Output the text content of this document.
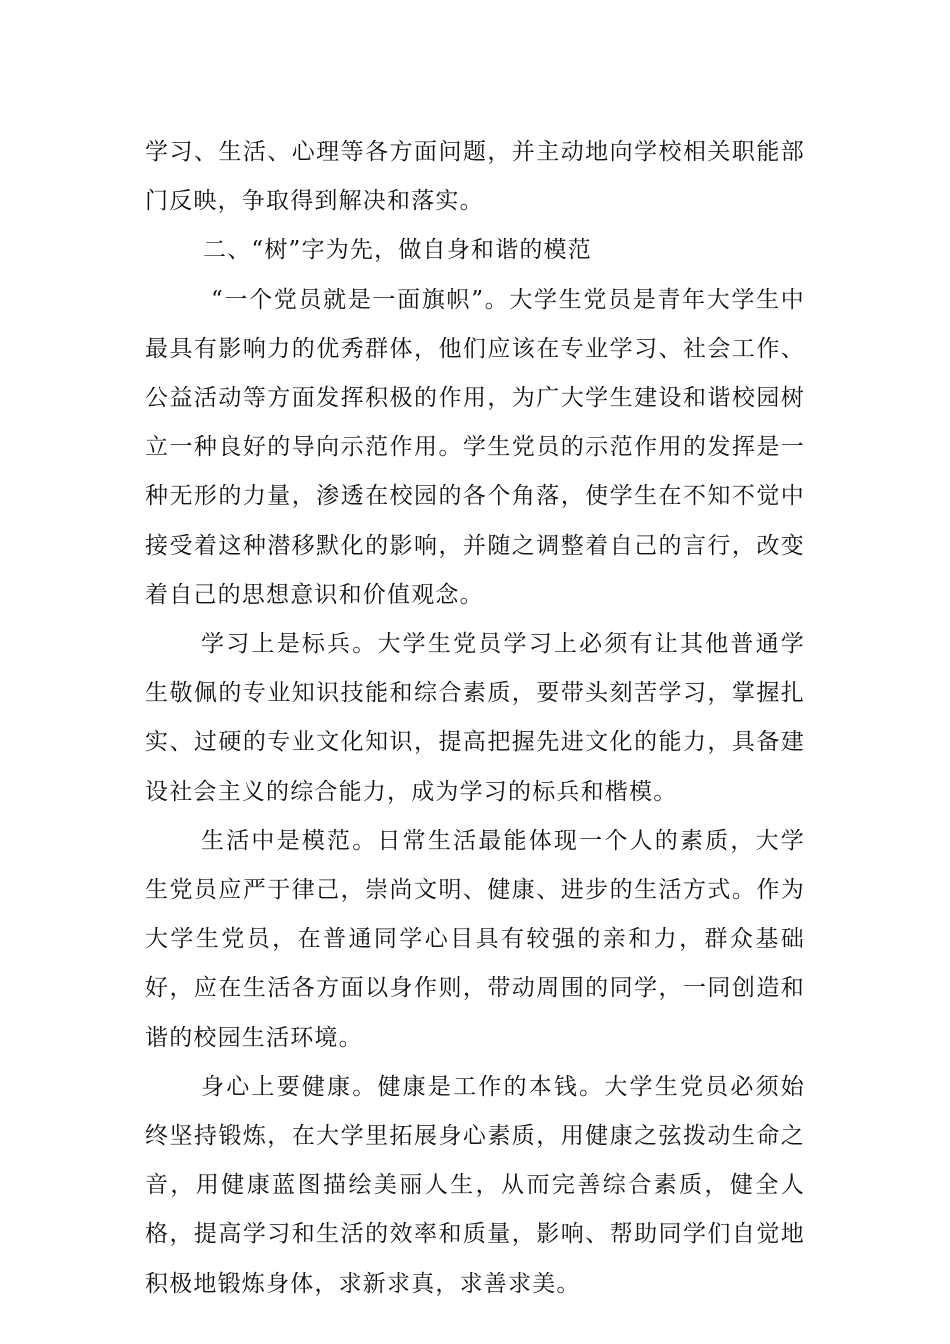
学习、生活、心理等各方面问题，并主动地向学校相关职能部门反映，争取得到解决和落实。

二、“树”字为先，做自身和谐的模范

“一个党员就是一面旗帜”。大学生党员是青年大学生中最具有影响力的优秀群体，他们应该在专业学习、社会工作、公益活动等方面发挥积极的作用，为广大学生建设和谐校园树立一种良好的导向示范作用。学生党员的示范作用的发挥是一种无形的力量，渗透在校园的各个角落，使学生在不知不觉中接受着这种潜移默化的影响，并随之调整着自己的言行，改变着自己的思想意识和价值观念。

学习上是标兵。大学生党员学习上必须有让其他普通学生敬佩的专业知识技能和综合素质，要带头刻苦学习，掌握扎实、过硬的专业文化知识，提高把握先进文化的能力，具备建设社会主义的综合能力，成为学习的标兵和楷模。

生活中是模范。日常生活最能体现一个人的素质，大学生党员应严于律己，崇尚文明、健康、进步的生活方式。作为大学生党员，在普通同学心目具有较强的亲和力，群众基础好，应在生活各方面以身作则，带动周围的同学，一同创造和谐的校园生活环境。

身心上要健康。健康是工作的本钱。大学生党员必须始终坚持锻炼，在大学里拓展身心素质，用健康之弦拨动生命之音，用健康蓝图描绘美丽人生，从而完善综合素质，健全人格，提高学习和生活的效率和质量，影响、帮助同学们自觉地积极地锻炼身体，求新求真，求善求美。
